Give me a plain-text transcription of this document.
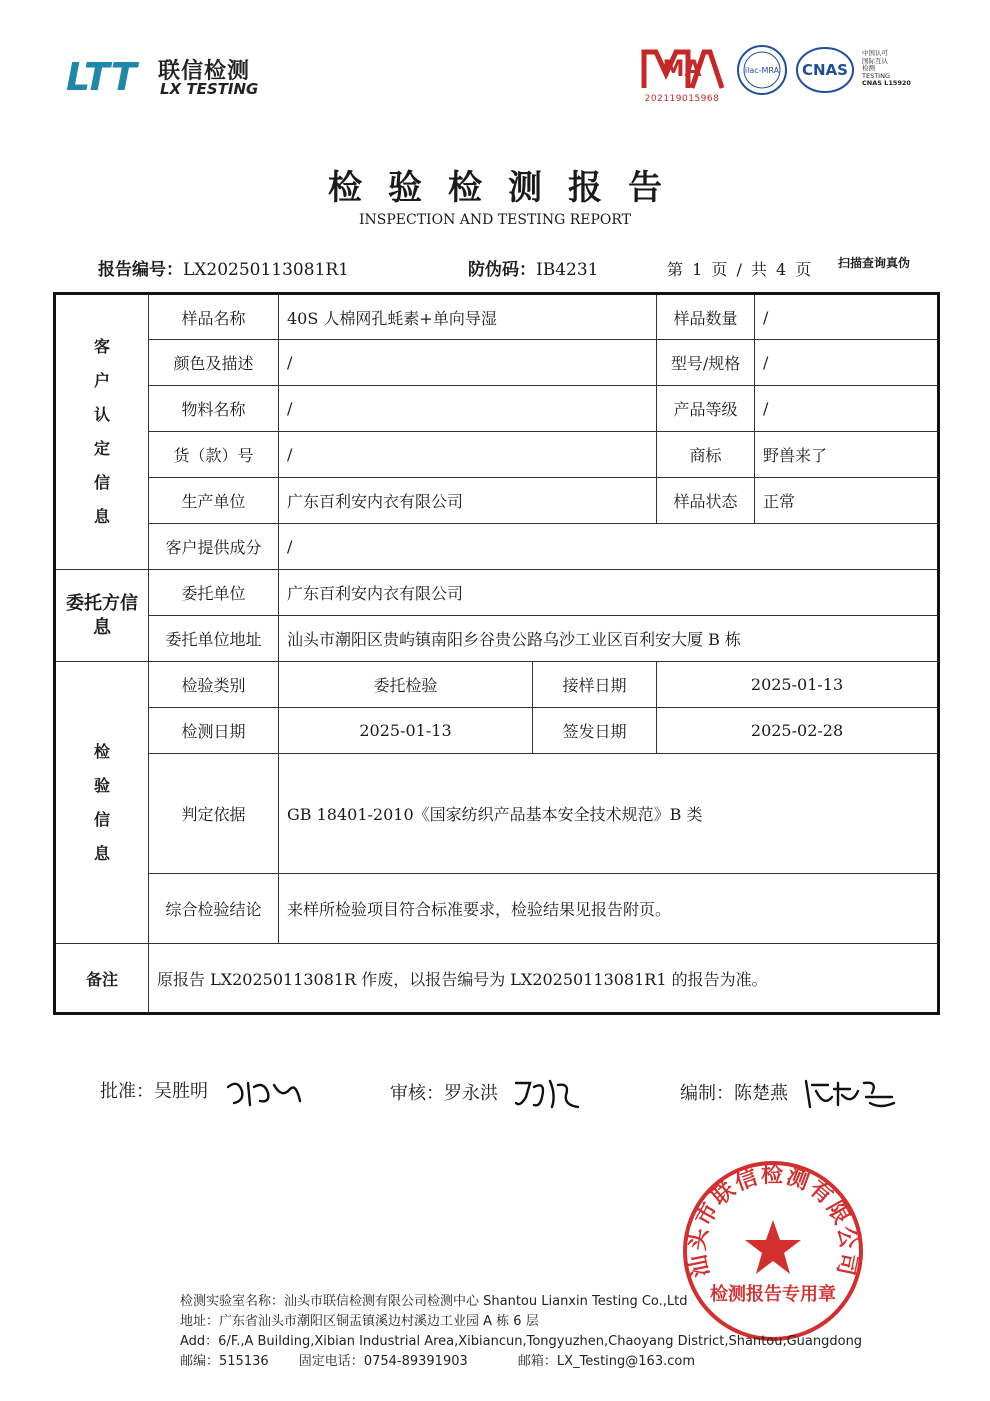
LTT 联信检测
LX TESTING
MA
202119015968
ilac-MRA CNAS
中国认可
国际互认
检测
TESTING
CNAS L15920
检验检测报告
INSPECTION AND TESTING REPORT
报告编号：LX20250113081R1	防伪码：IB4231	第 1 页 / 共 4 页 扫描查询真伪
客户认定信息	样品名称	40S 人棉网孔蚝素+单向导湿		样品数量	/
	颜色及描述	/		型号/规格	/
	物料名称	/		产品等级	/
	货（款）号	/		商标	野兽来了
	生产单位	广东百利安内衣有限公司		样品状态	正常
	客户提供成分	/			

委托方信息	委托单位	广东百利安内衣有限公司			
	委托单位地址	汕头市潮阳区贵屿镇南阳乡谷贵公路乌沙工业区百利安大厦 B 栋			

检验信息	检验类别	委托检验	接样日期	2025-01-13	
	检测日期	2025-01-13	签发日期	2025-02-28	
	判定依据	GB 18401-2010《国家纺织产品基本安全技术规范》B 类			
	综合检验结论	来样所检验项目符合标准要求，检验结果见报告附页。			
备注	原报告 LX20250113081R 作废，以报告编号为 LX20250113081R1 的报告为准。				
批准：吴胜明	审核：罗永洪	编制：陈楚燕
汕头市联信检测有限公司
检测报告专用章
检测实验室名称：汕头市联信检测有限公司检测中心 Shantou Lianxin Testing Co.,Ltd
地址：广东省汕头市潮阳区铜盂镇溪边村溪边工业园 A 栋 6 层
Add：6/F.,A Building,Xibian Industrial Area,Xibiancun,Tongyuzhen,Chaoyang District,Shantou,Guangdong
邮编：515136 固定电话：0754-89391903	邮箱：LX_Testing@163.com
